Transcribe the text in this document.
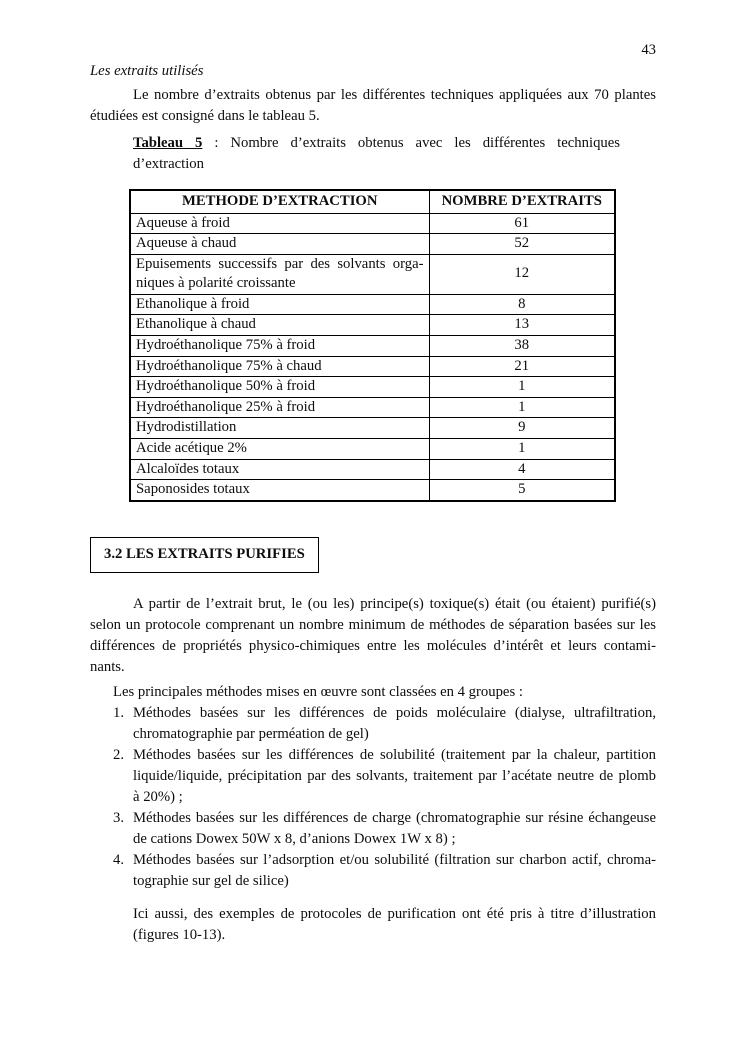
43
Les extraits utilisés
Le nombre d’extraits obtenus par les différentes techniques appliquées aux 70 plantes
étudiées est consigné dans le tableau 5.
Tableau 5 : Nombre d’extraits obtenus avec les différentes techniques
d’extraction
METHODE D’EXTRACTION	NOMBRE D’EXTRAITS

Aqueuse à froid	61

Aqueuse à chaud	52

Epuisements successifs par des solvants orga-
niques à polarité croissante	12

Ethanolique à froid	8

Ethanolique à chaud	13

Hydroéthanolique 75% à froid	38

Hydroéthanolique 75% à chaud	21

Hydroéthanolique 50% à froid	1

Hydroéthanolique 25% à froid	1

Hydrodistillation	9

Acide acétique 2%	1

Alcaloïdes totaux	4

Saponosides totaux	5
3.2 LES EXTRAITS PURIFIES
A partir de l’extrait brut, le (ou les) principe(s) toxique(s) était (ou étaient) purifié(s)
selon un protocole comprenant un nombre minimum de méthodes de séparation basées sur les
différences de propriétés physico-chimiques entre les molécules d’intérêt et leurs contami-
nants.
Les principales méthodes mises en œuvre sont classées en 4 groupes :
1. Méthodes basées sur les différences de poids moléculaire (dialyse, ultrafiltration,
chromatographie par perméation de gel)
2. Méthodes basées sur les différences de solubilité (traitement par la chaleur, partition
liquide/liquide, précipitation par des solvants, traitement par l’acétate neutre de plomb
à 20%) ;
3. Méthodes basées sur les différences de charge (chromatographie sur résine échangeuse
de cations Dowex 50W x 8, d’anions Dowex 1W x 8) ;
4. Méthodes basées sur l’adsorption et/ou solubilité (filtration sur charbon actif, chroma-
tographie sur gel de silice)
Ici aussi, des exemples de protocoles de purification ont été pris à titre d’illustration
(figures 10-13).
